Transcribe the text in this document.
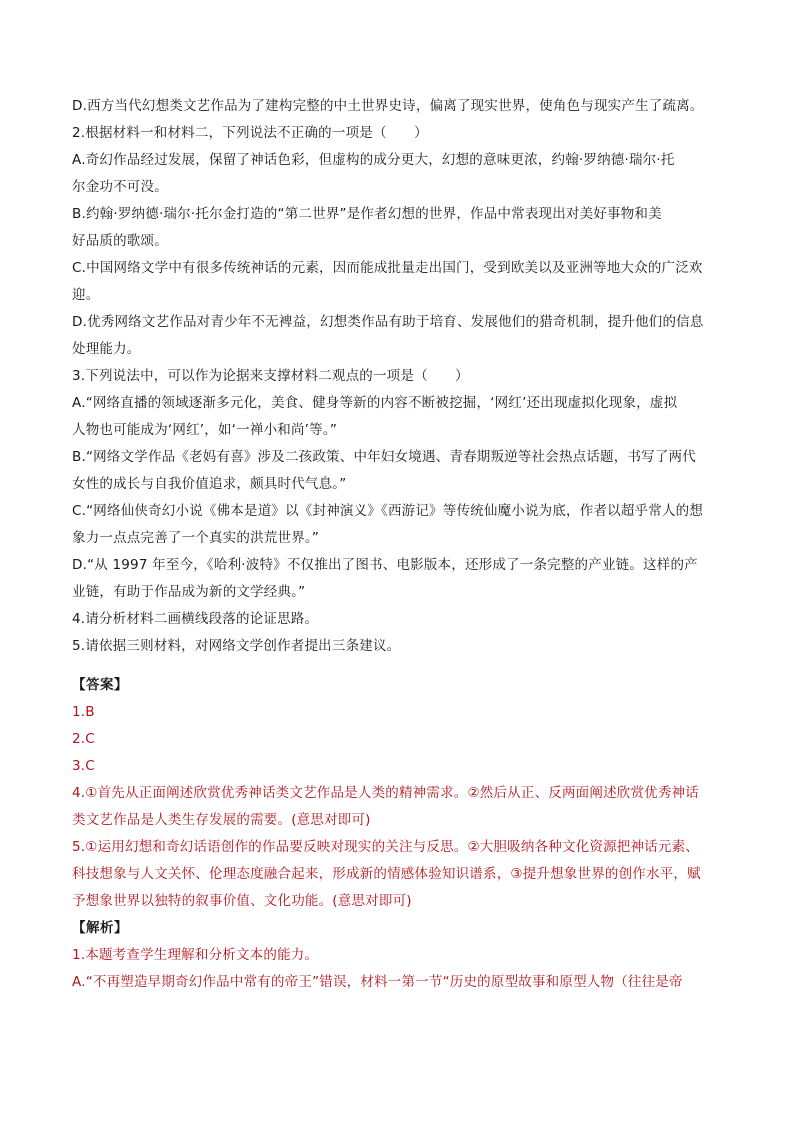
D.西方当代幻想类文艺作品为了建构完整的中土世界史诗，偏离了现实世界，使角色与现实产生了疏离。
2.根据材料一和材料二，下列说法不正确的一项是（　　）
A.奇幻作品经过发展，保留了神话色彩，但虚构的成分更大，幻想的意味更浓，约翰·罗纳德·瑞尔·托
尔金功不可没。
B.约翰·罗纳德·瑞尔·托尔金打造的“第二世界”是作者幻想的世界，作品中常表现出对美好事物和美
好品质的歌颂。
C.中国网络文学中有很多传统神话的元素，因而能成批量走出国门，受到欧美以及亚洲等地大众的广泛欢
迎。
D.优秀网络文艺作品对青少年不无裨益，幻想类作品有助于培育、发展他们的猎奇机制，提升他们的信息
处理能力。
3.下列说法中，可以作为论据来支撑材料二观点的一项是（　　）
A.“网络直播的领域逐渐多元化，美食、健身等新的内容不断被挖掘，‘网红’还出现虚拟化现象，虚拟
人物也可能成为‘网红’，如‘一禅小和尚’等。”
B.“网络文学作品《老妈有喜》涉及二孩政策、中年妇女境遇、青春期叛逆等社会热点话题，书写了两代
女性的成长与自我价值追求，颇具时代气息。”
C.“网络仙侠奇幻小说《佛本是道》以《封神演义》《西游记》等传统仙魔小说为底，作者以超乎常人的想
象力一点点完善了一个真实的洪荒世界。”
D.“从 1997 年至今，《哈利·波特》不仅推出了图书、电影版本，还形成了一条完整的产业链。这样的产
业链，有助于作品成为新的文学经典。”
4.请分析材料二画横线段落的论证思路。
5.请依据三则材料，对网络文学创作者提出三条建议。
【答案】
1.B
2.C
3.C
4.①首先从正面阐述欣赏优秀神话类文艺作品是人类的精神需求。②然后从正、反两面阐述欣赏优秀神话
类文艺作品是人类生存发展的需要。(意思对即可)
5.①运用幻想和奇幻话语创作的作品要反映对现实的关注与反思。②大胆吸纳各种文化资源把神话元素、
科技想象与人文关怀、伦理态度融合起来，形成新的情感体验知识谱系，③提升想象世界的创作水平，赋
予想象世界以独特的叙事价值、文化功能。(意思对即可)
【解析】
1.本题考查学生理解和分析文本的能力。
A.“不再塑造早期奇幻作品中常有的帝王”错误，材料一第一节“历史的原型故事和原型人物（往往是帝
